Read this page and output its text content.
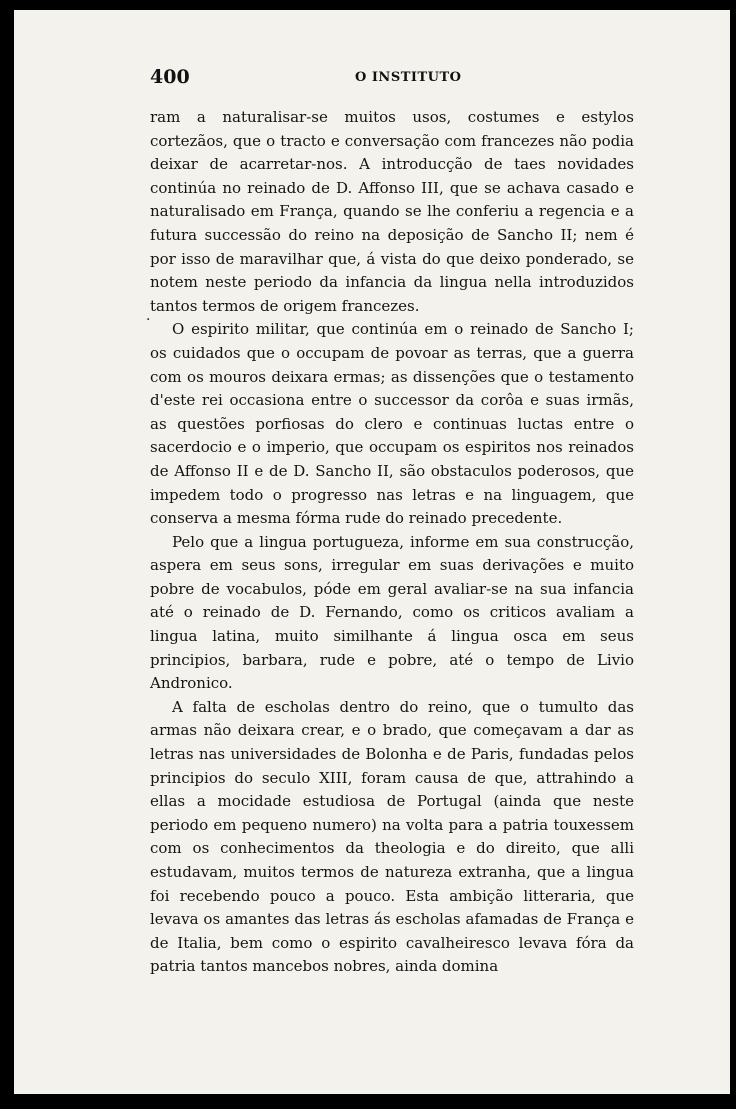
400	O INSTITUTO
·

ram a naturalisar-se muitos usos, costumes e estylos cortezãos, que o tracto e conversação com francezes não podia deixar de acarretar-nos. A introducção de taes novidades continúa no reinado de D. Affonso III, que se achava casado e naturalisado em França, quando se lhe conferiu a regencia e a futura successão do reino na deposição de Sancho II; nem é por isso de maravilhar que, á vista do que deixo ponderado, se notem neste periodo da infancia da lingua nella introduzidos tantos termos de origem francezes.

O espirito militar, que continúa em o reinado de Sancho I; os cuidados que o occupam de povoar as terras, que a guerra com os mouros deixara ermas; as dissenções que o testamento d'este rei occasiona entre o successor da corôa e suas irmãs, as questões porfiosas do clero e continuas luctas entre o sacerdocio e o imperio, que occupam os espiritos nos reinados de Affonso II e de D. Sancho II, são obstaculos poderosos, que impedem todo o progresso nas letras e na linguagem, que conserva a mesma fórma rude do reinado precedente.

Pelo que a lingua portugueza, informe em sua construcção, aspera em seus sons, irregular em suas derivações e muito pobre de vocabulos, póde em geral avaliar-se na sua infancia até o reinado de D. Fernando, como os criticos avaliam a lingua latina, muito similhante á lingua osca em seus principios, barbara, rude e pobre, até o tempo de Livio Andronico.

A falta de escholas dentro do reino, que o tumulto das armas não deixara crear, e o brado, que começavam a dar as letras nas universidades de Bolonha e de Paris, fundadas pelos principios do seculo XIII, foram causa de que, attrahindo a ellas a mocidade estudiosa de Portugal (ainda que neste periodo em pequeno numero) na volta para a patria touxessem com os conhecimentos da theologia e do direito, que alli estudavam, muitos termos de natureza extranha, que a lingua foi recebendo pouco a pouco. Esta ambição litteraria, que levava os amantes das letras ás escholas afamadas de França e de Italia, bem como o espirito cavalheiresco levava fóra da patria tantos mancebos nobres, ainda domina
